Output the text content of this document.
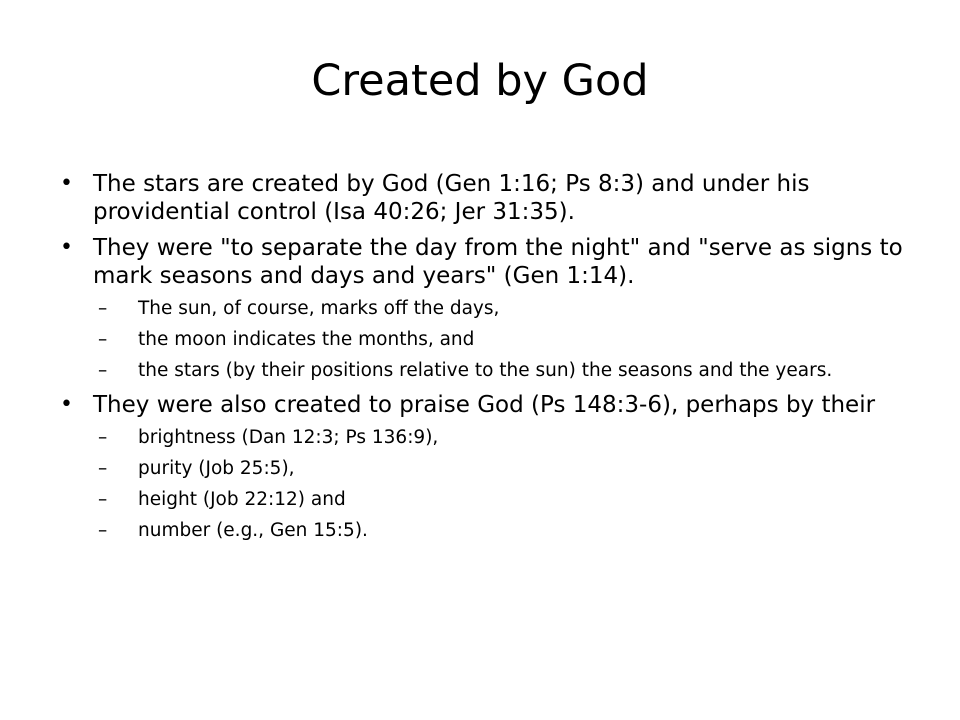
Created by God
• The stars are created by God (Gen 1:16; Ps 8:3) and under his providential control (Isa 40:26; Jer 31:35).
• They were "to separate the day from the night" and "serve as signs to mark seasons and days and years" (Gen 1:14).
– The sun, of course, marks off the days,
– the moon indicates the months, and
– the stars (by their positions relative to the sun) the seasons and the years.
• They were also created to praise God (Ps 148:3-6), perhaps by their
– brightness (Dan 12:3; Ps 136:9),
– purity (Job 25:5),
– height (Job 22:12) and
– number (e.g., Gen 15:5).
